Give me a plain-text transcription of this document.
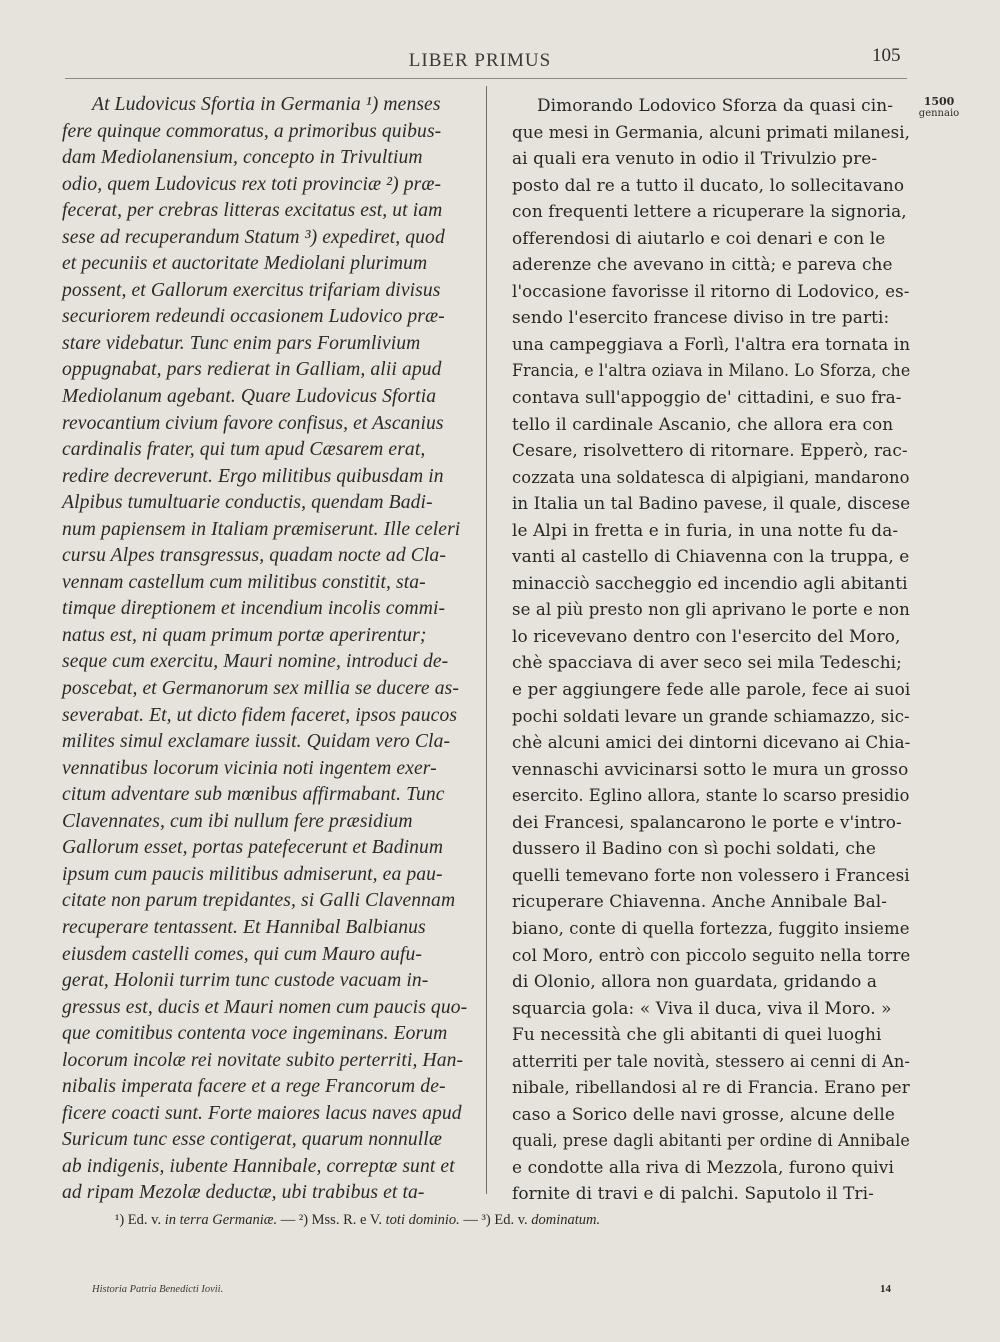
LIBER PRIMUS	105
1500
gennaio
At Ludovicus Sfortia in Germania ¹) menses
fere quinque commoratus, a primoribus quibus-
dam Mediolanensium, concepto in Trivultium
odio, quem Ludovicus rex toti provinciæ ²) præ-
fecerat, per crebras litteras excitatus est, ut iam
sese ad recuperandum Statum ³) expediret, quod
et pecuniis et auctoritate Mediolani plurimum
possent, et Gallorum exercitus trifariam divisus
securiorem redeundi occasionem Ludovico præ-
stare videbatur. Tunc enim pars Forumlivium
oppugnabat, pars redierat in Galliam, alii apud
Mediolanum agebant. Quare Ludovicus Sfortia
revocantium civium favore confisus, et Ascanius
cardinalis frater, qui tum apud Cæsarem erat,
redire decreverunt. Ergo militibus quibusdam in
Alpibus tumultuarie conductis, quendam Badi-
num papiensem in Italiam præmiserunt. Ille celeri
cursu Alpes transgressus, quadam nocte ad Cla-
vennam castellum cum militibus constitit, sta-
timque direptionem et incendium incolis commi-
natus est, ni quam primum portæ aperirentur;
seque cum exercitu, Mauri nomine, introduci de-
poscebat, et Germanorum sex millia se ducere as-
severabat. Et, ut dicto fidem faceret, ipsos paucos
milites simul exclamare iussit. Quidam vero Cla-
vennatibus locorum vicinia noti ingentem exer-
citum adventare sub mœnibus affirmabant. Tunc
Clavennates, cum ibi nullum fere præsidium
Gallorum esset, portas patefecerunt et Badinum
ipsum cum paucis militibus admiserunt, ea pau-
citate non parum trepidantes, si Galli Clavennam
recuperare tentassent. Et Hannibal Balbianus
eiusdem castelli comes, qui cum Mauro aufu-
gerat, Holonii turrim tunc custode vacuam in-
gressus est, ducis et Mauri nomen cum paucis quo-
que comitibus contenta voce ingeminans. Eorum
locorum incolæ rei novitate subito perterriti, Han-
nibalis imperata facere et a rege Francorum de-
ficere coacti sunt. Forte maiores lacus naves apud
Suricum tunc esse contigerat, quarum nonnullæ
ab indigenis, iubente Hannibale, correptæ sunt et
ad ripam Mezolæ deductæ, ubi trabibus et ta-
Dimorando Lodovico Sforza da quasi cin-
que mesi in Germania, alcuni primati milanesi,
ai quali era venuto in odio il Trivulzio pre-
posto dal re a tutto il ducato, lo sollecitavano
con frequenti lettere a ricuperare la signoria,
offerendosi di aiutarlo e coi denari e con le
aderenze che avevano in città; e pareva che
l'occasione favorisse il ritorno di Lodovico, es-
sendo l'esercito francese diviso in tre parti:
una campeggiava a Forlì, l'altra era tornata in
Francia, e l'altra oziava in Milano. Lo Sforza, che
contava sull'appoggio de' cittadini, e suo fra-
tello il cardinale Ascanio, che allora era con
Cesare, risolvettero di ritornare. Epperò, rac-
cozzata una soldatesca di alpigiani, mandarono
in Italia un tal Badino pavese, il quale, discese
le Alpi in fretta e in furia, in una notte fu da-
vanti al castello di Chiavenna con la truppa, e
minacciò saccheggio ed incendio agli abitanti
se al più presto non gli aprivano le porte e non
lo ricevevano dentro con l'esercito del Moro,
chè spacciava di aver seco sei mila Tedeschi;
e per aggiungere fede alle parole, fece ai suoi
pochi soldati levare un grande schiamazzo, sic-
chè alcuni amici dei dintorni dicevano ai Chia-
vennaschi avvicinarsi sotto le mura un grosso
esercito. Eglino allora, stante lo scarso presidio
dei Francesi, spalancarono le porte e v'intro-
dussero il Badino con sì pochi soldati, che
quelli temevano forte non volessero i Francesi
ricuperare Chiavenna. Anche Annibale Bal-
biano, conte di quella fortezza, fuggito insieme
col Moro, entrò con piccolo seguito nella torre
di Olonio, allora non guardata, gridando a
squarcia gola: « Viva il duca, viva il Moro. »
Fu necessità che gli abitanti di quei luoghi
atterriti per tale novità, stessero ai cenni di An-
nibale, ribellandosi al re di Francia. Erano per
caso a Sorico delle navi grosse, alcune delle
quali, prese dagli abitanti per ordine di Annibale
e condotte alla riva di Mezzola, furono quivi
fornite di travi e di palchi. Saputolo il Tri-
¹) Ed. v. in terra Germaniæ. — ²) Mss. R. e V. toti dominio. — ³) Ed. v. dominatum.
Historia Patria Benedicti Iovii.	14
